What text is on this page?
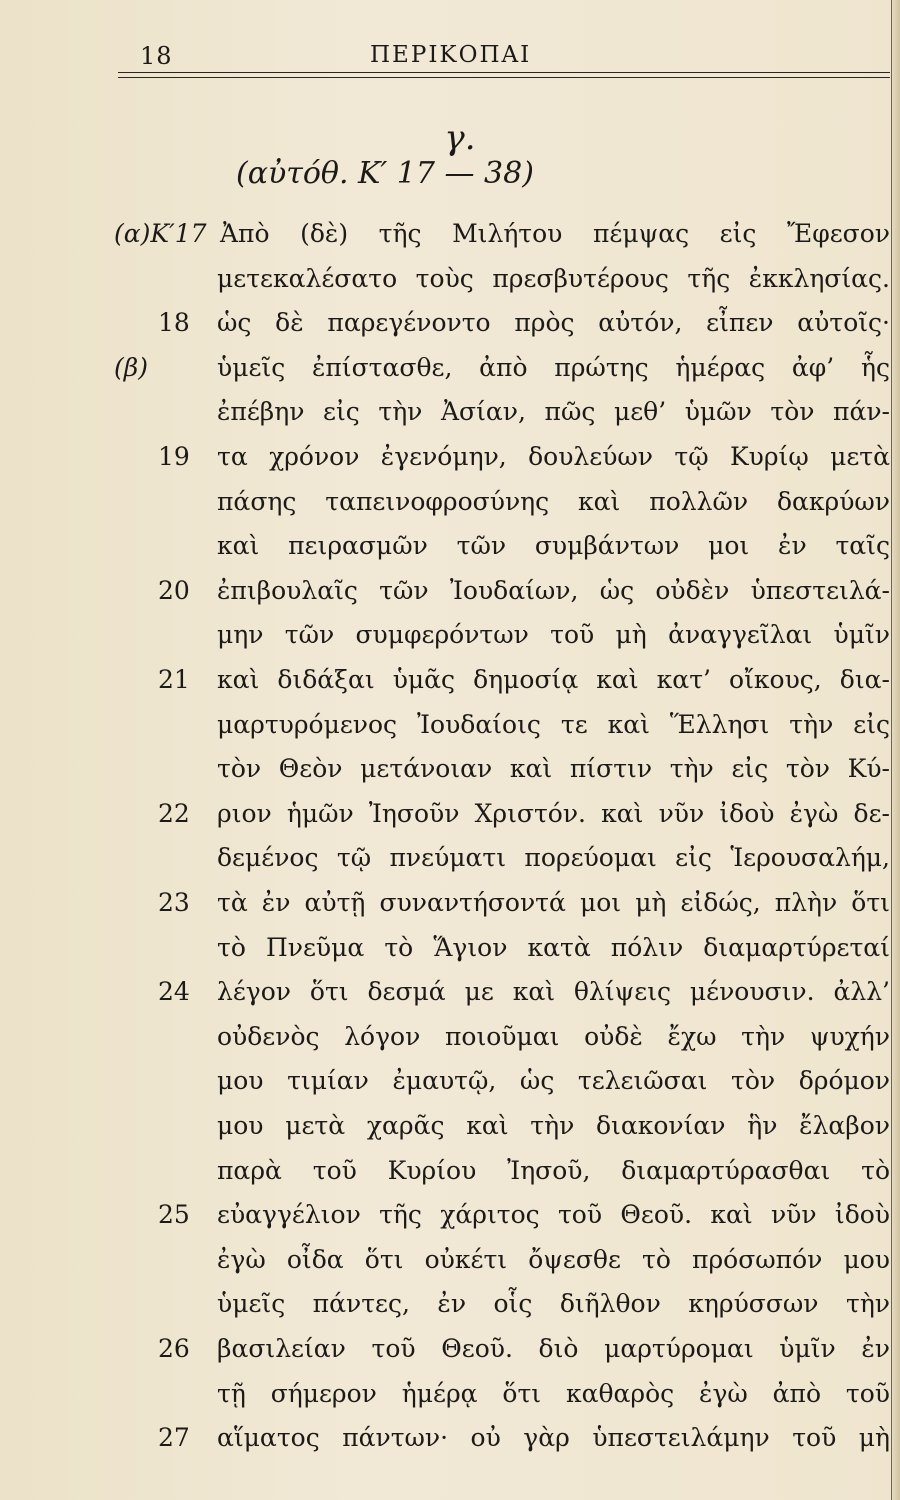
18	ΠΕΡΙΚΟΠΑΙ
γ.
(αὐτόθ. Κ′ 17 — 38)
(α)Κ′17 Ἀπὸ (δὲ) τῆς Μιλήτου πέμψας εἰς Ἔφεσον
μετεκαλέσατο τοὺς πρεσβυτέρους τῆς ἐκκλησίας.
18	ὡς δὲ παρεγένοντο πρὸς αὐτόν, εἶπεν αὐτοῖς·
(β)	ὑμεῖς ἐπίστασθε, ἀπὸ πρώτης ἡμέρας ἀφ’ ἧς
ἐπέβην εἰς τὴν Ἀσίαν, πῶς μεθ’ ὑμῶν τὸν πάν-
19	τα χρόνον ἐγενόμην, δουλεύων τῷ Κυρίῳ μετὰ
πάσης ταπεινοφροσύνης καὶ πολλῶν δακρύων
καὶ πειρασμῶν τῶν συμβάντων μοι ἐν ταῖς
20	ἐπιβουλαῖς τῶν Ἰουδαίων, ὡς οὐδὲν ὑπεστειλά-
μην τῶν συμφερόντων τοῦ μὴ ἀναγγεῖλαι ὑμῖν
21	καὶ διδάξαι ὑμᾶς δημοσίᾳ καὶ κατ’ οἴκους, δια-
μαρτυρόμενος Ἰουδαίοις τε καὶ Ἕλλησι τὴν εἰς
τὸν Θεὸν μετάνοιαν καὶ πίστιν τὴν εἰς τὸν Κύ-
22	ριον ἡμῶν Ἰησοῦν Χριστόν. καὶ νῦν ἰδοὺ ἐγὼ δε-
δεμένος τῷ πνεύματι πορεύομαι εἰς Ἱερουσαλήμ,
23	τὰ ἐν αὐτῇ συναντήσοντά μοι μὴ εἰδώς, πλὴν ὅτι
τὸ Πνεῦμα τὸ Ἅγιον κατὰ πόλιν διαμαρτύρεταί
24	λέγον ὅτι δεσμά με καὶ θλίψεις μένουσιν. ἀλλ’
οὐδενὸς λόγον ποιοῦμαι οὐδὲ ἔχω τὴν ψυχήν
μου τιμίαν ἐμαυτῷ, ὡς τελειῶσαι τὸν δρόμον
μου μετὰ χαρᾶς καὶ τὴν διακονίαν ἣν ἔλαβον
παρὰ τοῦ Κυρίου Ἰησοῦ, διαμαρτύρασθαι τὸ
25	εὐαγγέλιον τῆς χάριτος τοῦ Θεοῦ. καὶ νῦν ἰδοὺ
ἐγὼ οἶδα ὅτι οὐκέτι ὄψεσθε τὸ πρόσωπόν μου
ὑμεῖς πάντες, ἐν οἷς διῆλθον κηρύσσων τὴν
26	βασιλείαν τοῦ Θεοῦ. διὸ μαρτύρομαι ὑμῖν ἐν
τῇ σήμερον ἡμέρᾳ ὅτι καθαρὸς ἐγὼ ἀπὸ τοῦ
27	αἵματος πάντων· οὐ γὰρ ὑπεστειλάμην τοῦ μὴ
